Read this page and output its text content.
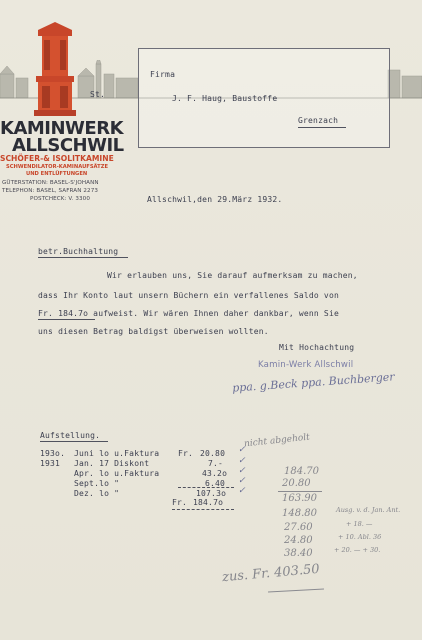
KAMINWERK
ALLSCHWIL
SCHÖFER-& ISOLITKAMINE
SCHWENDILATOR-KAMINAUFSÄTZE
UND ENTLÜFTUNGEN
GÜTERSTATION: BASEL-S'JOHANN
TELEPHON: BASEL, SAFRAN 2273
POSTCHECK: V. 3300
St.
Firma
J. F. Haug, Baustoffe
Grenzach
Allschwil,den 29.März 1932.
betr.Buchhaltung
Wir erlauben uns, Sie darauf aufmerksam zu machen,
dass Ihr Konto laut unsern Büchern ein verfallenes Saldo von
Fr. 184.7o aufweist. Wir wären Ihnen daher dankbar, wenn Sie
uns diesen Betrag baldigst überweisen wollten.
Mit Hochachtung
Kamin-Werk Allschwil
ppa. g.Beck ppa. Buchberger
Aufstellung.
193o. Juni lo u.Faktura Fr. 20.80
1931 Jan. 17 Diskont	7.-
Apr. lo u.Faktura	43.2o
Sept.lo "	6.40
Dez. lo "	107.3o
Fr. 184.7o
✓
✓
✓
✓
✓
nicht abgeholt
184.70
20.80
163.90
148.80
27.60
24.80
38.40
Ausg. v. d. Jan. Ant.
+ 18. —
+ 10. Abl. 36
+ 20. — + 30.
zus. Fr. 403.50
